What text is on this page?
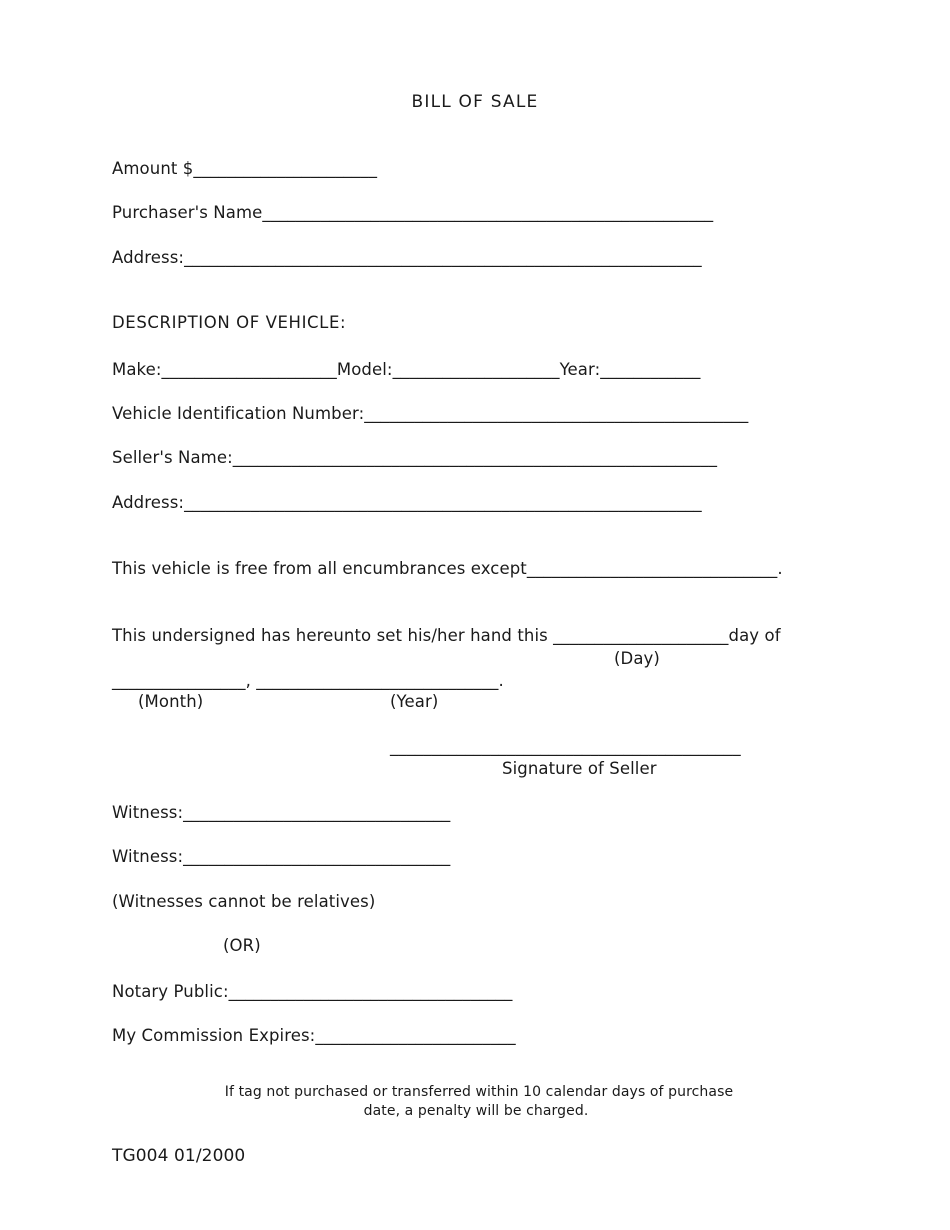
BILL OF SALE
Amount $______________________
Purchaser's Name______________________________________________________
Address:______________________________________________________________
DESCRIPTION OF VEHICLE:
Make:_____________________Model:____________________Year:____________
Vehicle Identification Number:______________________________________________
Seller's Name:__________________________________________________________
Address:______________________________________________________________
This vehicle is free from all encumbrances except______________________________.
This undersigned has hereunto set his/her hand this _____________________day of
(Day)
________________, _____________________________.
(Month)	(Year)
__________________________________________
Signature of Seller
Witness:________________________________
Witness:________________________________
(Witnesses cannot be relatives)
(OR)
Notary Public:__________________________________
My Commission Expires:________________________
If tag not purchased or transferred within 10 calendar days of purchase
date, a penalty will be charged.
TG004 01/2000
